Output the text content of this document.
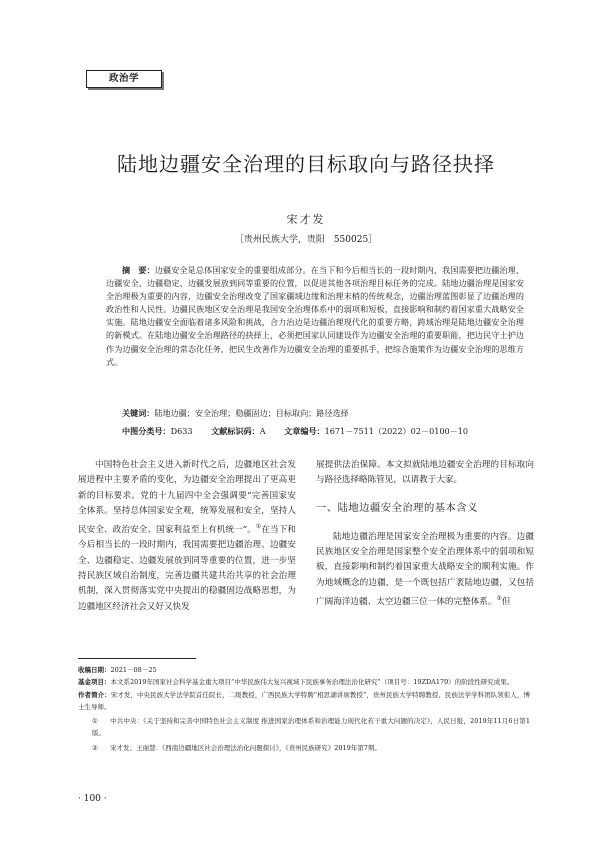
政治学
陆地边疆安全治理的目标取向与路径抉择
宋才发
［贵州民族大学，贵阳　550025］
摘　要：边疆安全是总体国家安全的重要组成部分。在当下和今后相当长的一段时期内，我国需要把边疆治理、边疆安全、边疆稳定、边疆发展放到同等重要的位置，以促进其他各项治理目标任务的完成。陆地边疆治理是国家安全治理极为重要的内容，边疆安全治理改变了国家疆域边缘和治理末梢的传统观念，边疆治理蓝图彰显了边疆治理的政治性和人民性。边疆民族地区安全治理是我国安全治理体系中的弱项和短板，直接影响和制约着国家重大战略安全实施。陆地边疆安全面临着诸多风险和挑战，合力治边是边疆治理现代化的重要方略，跨域治理是陆地边疆安全治理的新模式。在陆地边疆安全治理路径的抉择上，必须把国家认同建设作为边疆安全治理的重要职能，把边民守土护边作为边疆安全治理的常态化任务，把民生改善作为边疆安全治理的重要抓手，把综合施策作为边疆安全治理的思维方式。
关键词：陆地边疆；安全治理；稳疆固边；目标取向；路径选择
中图分类号：D633 文献标识码：A 文章编号：1671－7511（2022）02－0100－10

中国特色社会主义进入新时代之后，边疆地区社会发展进程中主要矛盾的变化，为边疆安全治理提出了更高更新的目标要求。党的十九届四中全会强调要“完善国家安全体系。坚持总体国家安全观，统筹发展和安全，坚持人民安全、政治安全、国家利益至上有机统一”。①在当下和今后相当长的一段时期内，我国需要把边疆治理、边疆安全、边疆稳定、边疆发展放到同等重要的位置，进一步坚持民族区域自治制度，完善边疆共建共治共享的社会治理机制，深入贯彻落实党中央提出的稳疆固边战略思想，为边疆地区经济社会又好又快发

展提供法治保障。本文拟就陆地边疆安全治理的目标取向与路径选择略陈管见，以请教于大家。

一、陆地边疆安全治理的基本含义

陆地边疆治理是国家安全治理极为重要的内容。边疆民族地区安全治理是国家整个安全治理体系中的弱项和短板，直接影响和制约着国家重大战略安全的顺利实施。作为地域概念的边疆，是一个既包括广袤陆地边疆，又包括广阔海洋边疆、太空边疆三位一体的完整体系。②但

收稿日期：2021－08－25
基金项目：本文系2019年国家社会科学基金重大项目“中华民族伟大复兴视域下民族事务治理法治化研究”（项目号：19ZDA170）的阶段性研究成果。
作者简介：宋才发，中央民族大学法学院首任院长、二级教授，广西民族大学特聘“相思湖讲席教授”，贵州民族大学特聘教授、民族法学学科团队领衔人，博士生导师。
① 中共中央：《关于坚持和完善中国特色社会主义制度 推进国家治理体系和治理能力现代化若干重大问题的决定》，人民日报，2019年11月6日第1版。
② 宋才发、王丽慧：《西南边疆地区社会治理法治化问题探讨》，《贵州民族研究》2019年第7期。
· 100 ·
